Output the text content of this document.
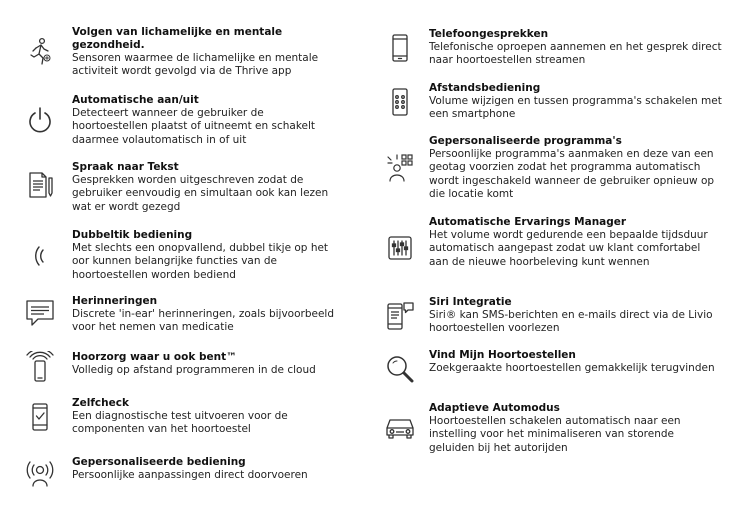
Volgen van lichamelijke en mentale gezondheid.

Sensoren waarmee de lichamelijke en mentale activiteit wordt gevolgd via de Thrive app

Automatische aan/uit

Detecteert wanneer de gebruiker de hoortoestellen plaatst of uitneemt en schakelt daarmee volautomatisch in of uit

Spraak naar Tekst

Gesprekken worden uitgeschreven zodat de gebruiker eenvoudig en simultaan ook kan lezen wat er wordt gezegd

Dubbeltik bediening

Met slechts een onopvallend, dubbel tikje op het oor kunnen belangrijke functies van de hoortoestellen worden bediend

Herinneringen

Discrete 'in-ear' herinneringen, zoals bijvoorbeeld voor het nemen van medicatie

Hoorzorg waar u ook bent™

Volledig op afstand programmeren in de cloud

Zelfcheck

Een diagnostische test uitvoeren voor de componenten van het hoortoestel

Gepersonaliseerde bediening

Persoonlijke aanpassingen direct doorvoeren

Telefoongesprekken

Telefonische oproepen aannemen en het gesprek direct naar hoortoestellen streamen

Afstandsbediening

Volume wijzigen en tussen programma's schakelen met een smartphone

Gepersonaliseerde programma's

Persoonlijke programma's aanmaken en deze van een geotag voorzien zodat het programma automatisch wordt ingeschakeld wanneer de gebruiker opnieuw op die locatie komt

Automatische Ervarings Manager

Het volume wordt gedurende een bepaalde tijdsduur automatisch aangepast zodat uw klant comfortabel aan de nieuwe hoorbeleving kunt wennen

Siri Integratie

Siri® kan SMS-berichten en e-mails direct via de Livio hoortoestellen voorlezen

Vind Mijn Hoortoestellen

Zoekgeraakte hoortoestellen gemakkelijk terugvinden

Adaptieve Automodus

Hoortoestellen schakelen automatisch naar een instelling voor het minimaliseren van storende geluiden bij het autorijden
